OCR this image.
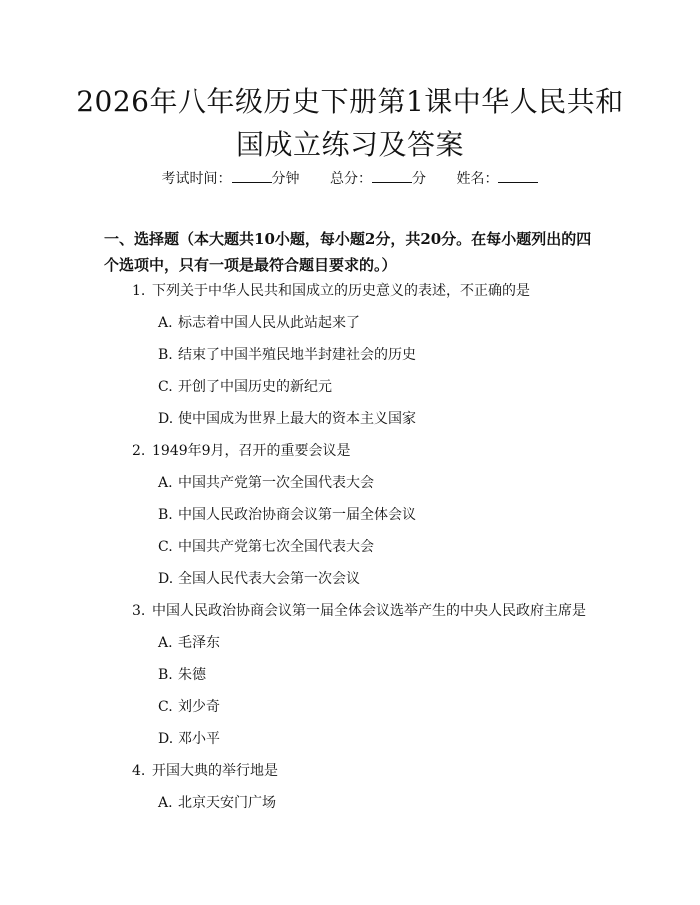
2026年八年级历史下册第1课中华人民共和
国成立练习及答案
考试时间：	分钟 总分：	分 姓名：
一、选择题（本大题共10小题，每小题2分，共20分。在每小题列出的四个选项中，只有一项是最符合题目要求的。）
1. 下列关于中华人民共和国成立的历史意义的表述，不正确的是
A. 标志着中国人民从此站起来了
B. 结束了中国半殖民地半封建社会的历史
C. 开创了中国历史的新纪元
D. 使中国成为世界上最大的资本主义国家
2. 1949年9月，召开的重要会议是
A. 中国共产党第一次全国代表大会
B. 中国人民政治协商会议第一届全体会议
C. 中国共产党第七次全国代表大会
D. 全国人民代表大会第一次会议
3. 中国人民政治协商会议第一届全体会议选举产生的中央人民政府主席是
A. 毛泽东
B. 朱德
C. 刘少奇
D. 邓小平
4. 开国大典的举行地是
A. 北京天安门广场
